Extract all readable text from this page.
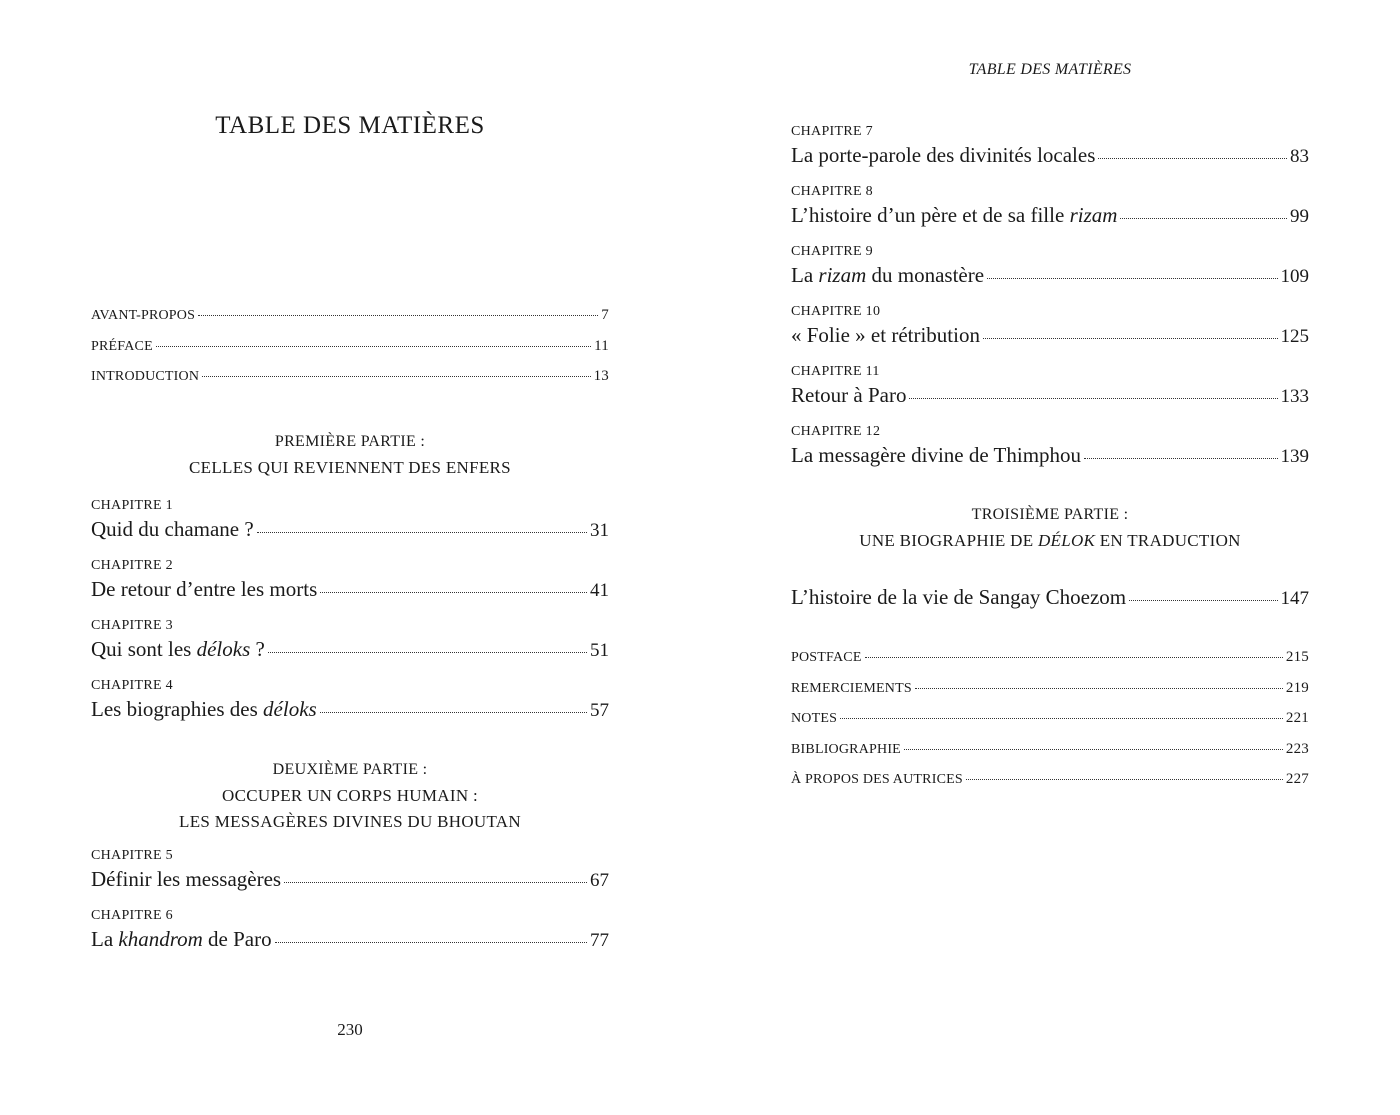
TABLE DES MATIÈRES
AVANT-PROPOS	7
PRÉFACE	11
INTRODUCTION	13
PREMIÈRE PARTIE :
CELLES QUI REVIENNENT DES ENFERS
CHAPITRE 1
Quid du chamane ?	31
CHAPITRE 2
De retour d’entre les morts	41
CHAPITRE 3
Qui sont les déloks ?	51
CHAPITRE 4
Les biographies des déloks	57
DEUXIÈME PARTIE :
OCCUPER UN CORPS HUMAIN :
LES MESSAGÈRES DIVINES DU BHOUTAN
CHAPITRE 5
Définir les messagères	67
CHAPITRE 6
La khandrom de Paro	77
230
TABLE DES MATIÈRES
CHAPITRE 7
La porte-parole des divinités locales	83
CHAPITRE 8
L’histoire d’un père et de sa fille rizam	99
CHAPITRE 9
La rizam du monastère	109
CHAPITRE 10
« Folie » et rétribution	125
CHAPITRE 11
Retour à Paro	133
CHAPITRE 12
La messagère divine de Thimphou	139
TROISIÈME PARTIE :
UNE BIOGRAPHIE DE DÉLOK EN TRADUCTION
L’histoire de la vie de Sangay Choezom	147
POSTFACE	215
REMERCIEMENTS	219
NOTES	221
BIBLIOGRAPHIE	223
À PROPOS DES AUTRICES	227
